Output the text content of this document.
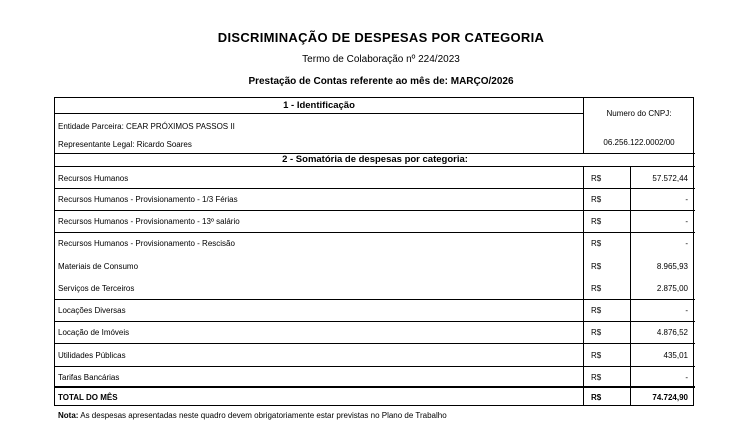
DISCRIMINAÇÃO DE DESPESAS POR CATEGORIA
Termo de Colaboração nº 224/2023
Prestação de Contas referente ao mês de: MARÇO/2026
1 - Identificação
Entidade Parceira: CEAR PRÓXIMOS PASSOS II
Representante Legal: Ricardo Soares
Numero do CNPJ:
06.256.122.0002/00
2 - Somatória de despesas por categoria:
Recursos Humanos	R$	57.572,44
Recursos Humanos - Provisionamento - 1/3 Férias	R$	-
Recursos Humanos - Provisionamento - 13º salário	R$	-
Recursos Humanos - Provisionamento - Rescisão	R$	-
Materiais de Consumo	R$	8.965,93
Serviços de Terceiros	R$	2.875,00
Locações Diversas	R$	-
Locação de Imóveis	R$	4.876,52
Utilidades Públicas	R$	435,01
Tarifas Bancárias	R$	-
TOTAL DO MÊS	R$	74.724,90
Nota: As despesas apresentadas neste quadro devem obrigatoriamente estar previstas no Plano de Trabalho
